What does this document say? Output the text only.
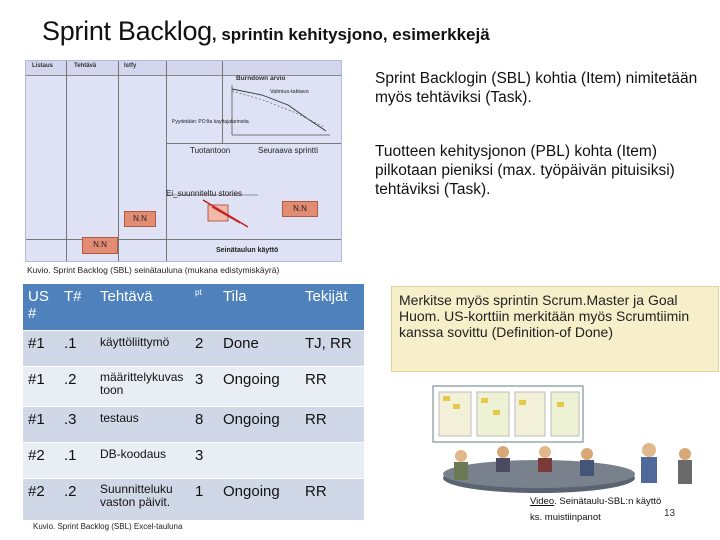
Sprint Backlog, sprintin kehitysjono, esimerkkejä
Listaus	Tehtävä	Istfy
Burndown arvio
Valmius-taktavo
Pyydetään: PO:lta kayttajatarinoita
Tuotantoon	Seuraava sprintti
Ei_suunniteltu stories
N.N
N.N
N.N
Seinätaulun käyttö
Kuvio. Sprint Backlog (SBL) seinätauluna (mukana edistymiskäyrä)
Sprint Backlogin (SBL) kohtia (Item) nimitetään myös tehtäviksi (Task).
Tuotteen kehitysjonon (PBL) kohta (Item) pilkotaan pieniksi (max. työpäivän pituisiksi) tehtäviksi (Task).
US #	T#	Tehtävä	pt	Tila	Tekijät
#1	.1	käyttöliittymö	2	Done	TJ, RR
#1	.2	määrittelykuvastoon	3	Ongoing	RR
#1	.3	testaus	8	Ongoing	RR
#2	.1	DB-koodaus	3		
#2	.2	Suunnitteluku vaston päivit.	1	Ongoing	RR
Kuvio. Sprint Backlog (SBL) Excel-tauluna
Merkitse myös sprintin Scrum.Master ja Goal Huom. US-korttiin merkitään myös Scrumtiimin kanssa sovittu (Definition-of Done)
Video. Seinätaulu-SBL:n käyttö
ks. muistiinpanot	13
